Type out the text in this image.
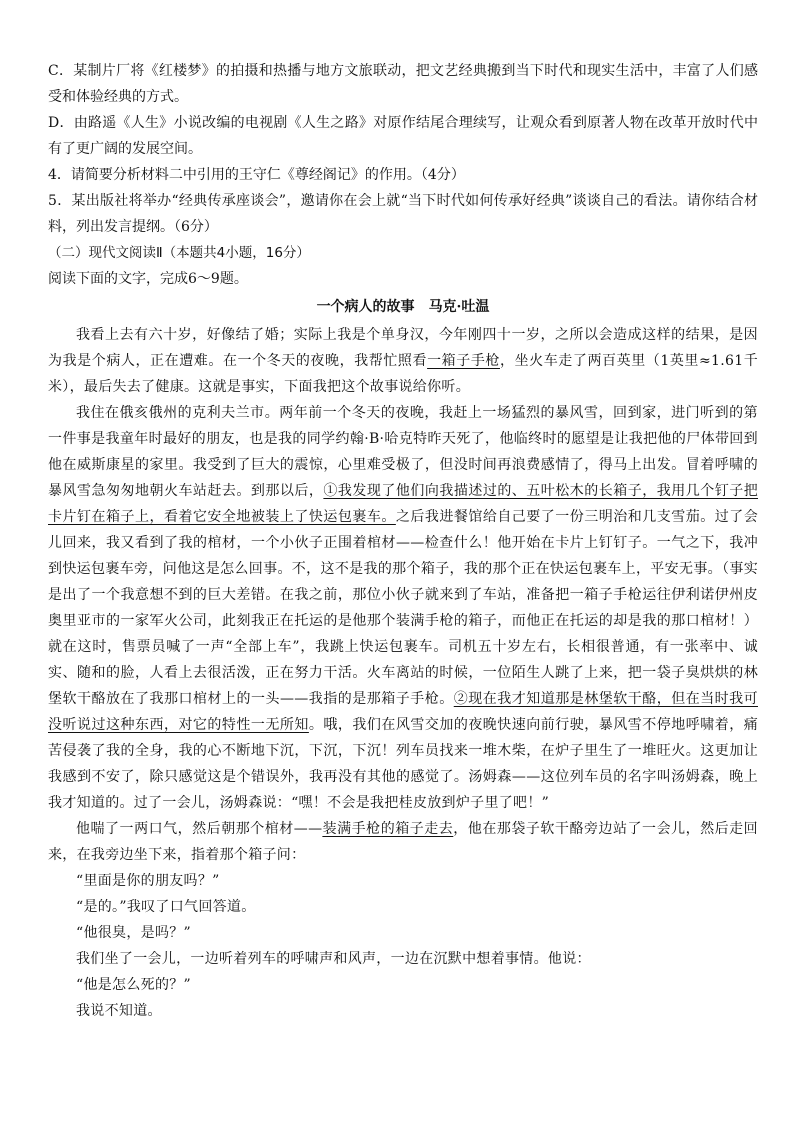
C．某制片厂将《红楼梦》的拍摄和热播与地方文旅联动，把文艺经典搬到当下时代和现实生活中，丰富了人们感受和体验经典的方式。

D．由路遥《人生》小说改编的电视剧《人生之路》对原作结尾合理续写，让观众看到原著人物在改革开放时代中有了更广阔的发展空间。

4．请简要分析材料二中引用的王守仁《尊经阁记》的作用。（4分）

5．某出版社将举办“经典传承座谈会”，邀请你在会上就“当下时代如何传承好经典”谈谈自己的看法。请你结合材料，列出发言提纲。（6分）

（二）现代文阅读Ⅱ（本题共4小题，16分）

阅读下面的文字，完成6～9题。

一个病人的故事 马克·吐温

我看上去有六十岁，好像结了婚；实际上我是个单身汉，今年刚四十一岁，之所以会造成这样的结果，是因为我是个病人，正在遭难。在一个冬天的夜晚，我帮忙照看一箱子手枪，坐火车走了两百英里（1英里≈1.61千米），最后失去了健康。这就是事实，下面我把这个故事说给你听。

我住在俄亥俄州的克利夫兰市。两年前一个冬天的夜晚，我赶上一场猛烈的暴风雪，回到家，进门听到的第一件事是我童年时最好的朋友，也是我的同学约翰·B·哈克特昨天死了，他临终时的愿望是让我把他的尸体带回到他在威斯康星的家里。我受到了巨大的震惊，心里难受极了，但没时间再浪费感情了，得马上出发。冒着呼啸的暴风雪急匆匆地朝火车站赶去。到那以后，①我发现了他们向我描述过的、五叶松木的长箱子，我用几个钉子把卡片钉在箱子上，看着它安全地被装上了快运包裹车。之后我进餐馆给自己要了一份三明治和几支雪茄。过了会儿回来，我又看到了我的棺材，一个小伙子正围着棺材——检查什么！他开始在卡片上钉钉子。一气之下，我冲到快运包裹车旁，问他这是怎么回事。不，这不是我的那个箱子，我的那个正在快运包裹车上，平安无事。（事实是出了一个我意想不到的巨大差错。在我之前，那位小伙子就来到了车站，准备把一箱子手枪运往伊利诺伊州皮奥里亚市的一家军火公司，此刻我正在托运的是他那个装满手枪的箱子，而他正在托运的却是我的那口棺材！）就在这时，售票员喊了一声“全部上车”，我跳上快运包裹车。司机五十岁左右，长相很普通，有一张率中、诚实、随和的脸，人看上去很活泼，正在努力干活。火车离站的时候，一位陌生人跳了上来，把一袋子臭烘烘的林堡软干酪放在了我那口棺材上的一头——我指的是那箱子手枪。②现在我才知道那是林堡软干酪，但在当时我可没听说过这种东西，对它的特性一无所知。哦，我们在风雪交加的夜晚快速向前行驶，暴风雪不停地呼啸着，痛苦侵袭了我的全身，我的心不断地下沉，下沉，下沉！列车员找来一堆木柴，在炉子里生了一堆旺火。这更加让我感到不安了，除只感觉这是个错误外，我再没有其他的感觉了。汤姆森——这位列车员的名字叫汤姆森，晚上我才知道的。过了一会儿，汤姆森说：“嘿！不会是我把桂皮放到炉子里了吧！”

他喘了一两口气，然后朝那个棺材——装满手枪的箱子走去，他在那袋子软干酪旁边站了一会儿，然后走回来，在我旁边坐下来，指着那个箱子问：

“里面是你的朋友吗？”

“是的。”我叹了口气回答道。

“他很臭，是吗？”

我们坐了一会儿，一边听着列车的呼啸声和风声，一边在沉默中想着事情。他说：

“他是怎么死的？”

我说不知道。
